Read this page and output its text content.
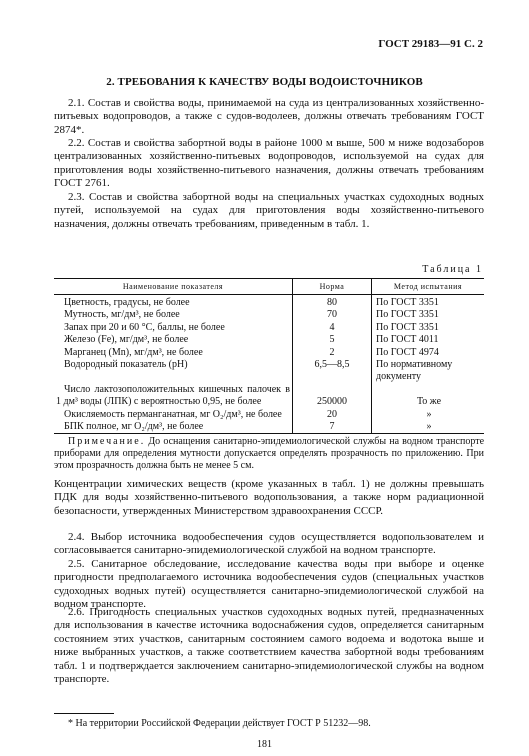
ГОСТ 29183—91 С. 2
2. ТРЕБОВАНИЯ К КАЧЕСТВУ ВОДЫ ВОДОИСТОЧНИКОВ
2.1. Состав и свойства воды, принимаемой на суда из централизованных хозяйственно-питьевых водопроводов, а также с судов-водолеев, должны отвечать требованиям ГОСТ 2874*.
2.2. Состав и свойства забортной воды в районе 1000 м выше, 500 м ниже водозаборов централизованных хозяйственно-питьевых водопроводов, используемой на судах для приготовления воды хозяйственно-питьевого назначения, должны отвечать требованиям ГОСТ 2761.
2.3. Состав и свойства забортной воды на специальных участках судоходных водных путей, используемой на судах для приготовления воды хозяйственно-питьевого назначения, должны отвечать требованиям, приведенным в табл. 1.
Таблица 1
Наименование показателя	Норма	Метод испытания
Цветность, градусы, не более	80	По ГОСТ 3351
Мутность, мг/дм³, не более	70	По ГОСТ 3351
Запах при 20 и 60 °С, баллы, не более	4	По ГОСТ 3351
Железо (Fe), мг/дм³, не более	5	По ГОСТ 4011
Марганец (Mn), мг/дм³, не более	2	По ГОСТ 4974
Водородный показатель (pH)	6,5—8,5	По нормативному документу
Число лактозоположительных кишечных палочек в 1 дм³ воды (ЛПК) с вероятностью 0,95, не более	250000	То же
Окисляемость перманганатная, мг O₂/дм³, не более	20	»
БПК полное, мг O₂/дм³, не более	7	»
Примечание. До оснащения санитарно-эпидемиологической службы на водном транспорте приборами для определения мутности допускается определять прозрачность по приложению. При этом прозрачность должна быть не менее 5 см.
Концентрации химических веществ (кроме указанных в табл. 1) не должны превышать ПДК для воды хозяйственно-питьевого водопользования, а также норм радиационной безопасности, утвержденных Министерством здравоохранения СССР.
2.4. Выбор источника водообеспечения судов осуществляется водопользователем и согласовывается санитарно-эпидемиологической службой на водном транспорте.
2.5. Санитарное обследование, исследование качества воды при выборе и оценке пригодности предполагаемого источника водообеспечения судов (специальных участков судоходных водных путей) осуществляется санитарно-эпидемиологической службой на водном транспорте.
2.6. Пригодность специальных участков судоходных водных путей, предназначенных для использования в качестве источника водоснабжения судов, определяется санитарным состоянием этих участков, санитарным состоянием самого водоема и водотока выше и ниже выбранных участков, а также соответствием качества забортной воды требованиям табл. 1 и подтверждается заключением санитарно-эпидемиологической службы на водном транспорте.
* На территории Российской Федерации действует ГОСТ Р 51232—98.
181
